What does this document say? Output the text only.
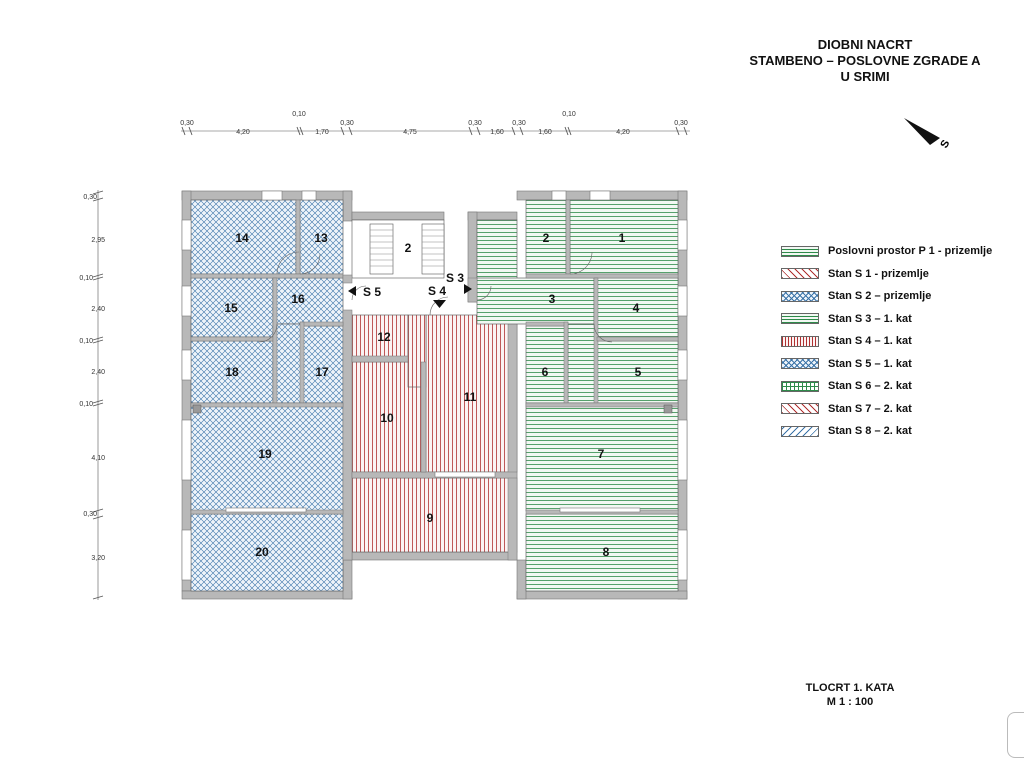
0,30
4,20
0,10
1,70
0,30
4,75
0,30
1,60
0,30
1,60
0,10
4,20
0,30
0,30
2,95
0,10
2,40
0,10
2,40
0,10
4,10
0,30
3,20
S 5	S 4
S 3
14	13
15
16
18	17
19
20
2
12
10
11
9
2	1
3
4
6	5
7
8
S
DIOBNI NACRT
STAMBENO – POSLOVNE ZGRADE A
U SRIMI
Poslovni prostor P 1 - prizemlje
Stan S 1 - prizemlje
Stan S 2 – prizemlje
Stan S 3 – 1. kat
Stan S 4 – 1. kat
Stan S 5 – 1. kat
Stan S 6 – 2. kat
Stan S 7 – 2. kat
Stan S 8 – 2. kat
TLOCRT 1. KATA
M 1 : 100
